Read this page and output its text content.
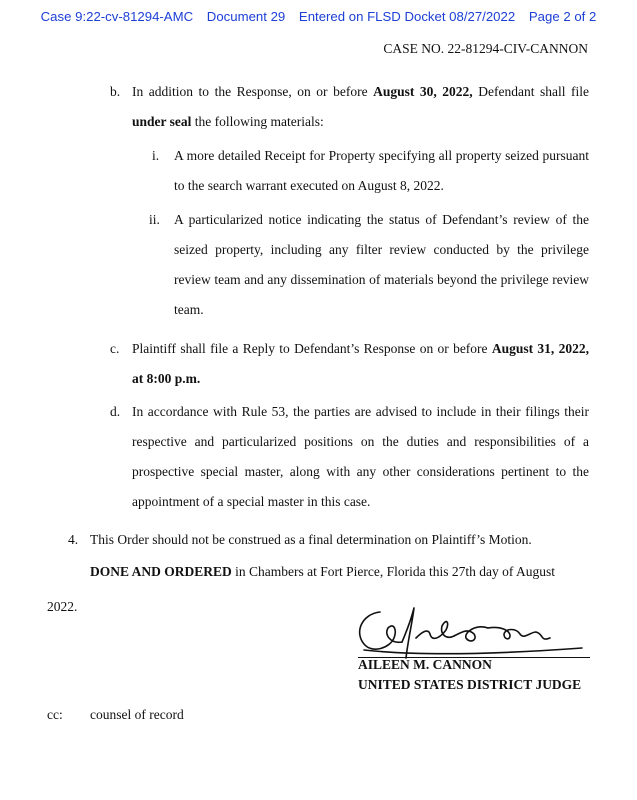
Case 9:22-cv-81294-AMC Document 29 Entered on FLSD Docket 08/27/2022 Page 2 of 2
CASE NO. 22-81294-CIV-CANNON
b. In addition to the Response, on or before August 30, 2022, Defendant shall file
under seal the following materials:
i. A more detailed Receipt for Property specifying all property seized pursuant
to the search warrant executed on August 8, 2022.
ii. A particularized notice indicating the status of Defendant’s review of the
seized property, including any filter review conducted by the privilege
review team and any dissemination of materials beyond the privilege review
team.
c. Plaintiff shall file a Reply to Defendant’s Response on or before August 31, 2022,
at 8:00 p.m.
d. In accordance with Rule 53, the parties are advised to include in their filings their
respective and particularized positions on the duties and responsibilities of a
prospective special master, along with any other considerations pertinent to the
appointment of a special master in this case.
4. This Order should not be construed as a final determination on Plaintiff’s Motion.
DONE AND ORDERED in Chambers at Fort Pierce, Florida this 27th day of August
2022.
AILEEN M. CANNON
UNITED STATES DISTRICT JUDGE
cc: counsel of record
